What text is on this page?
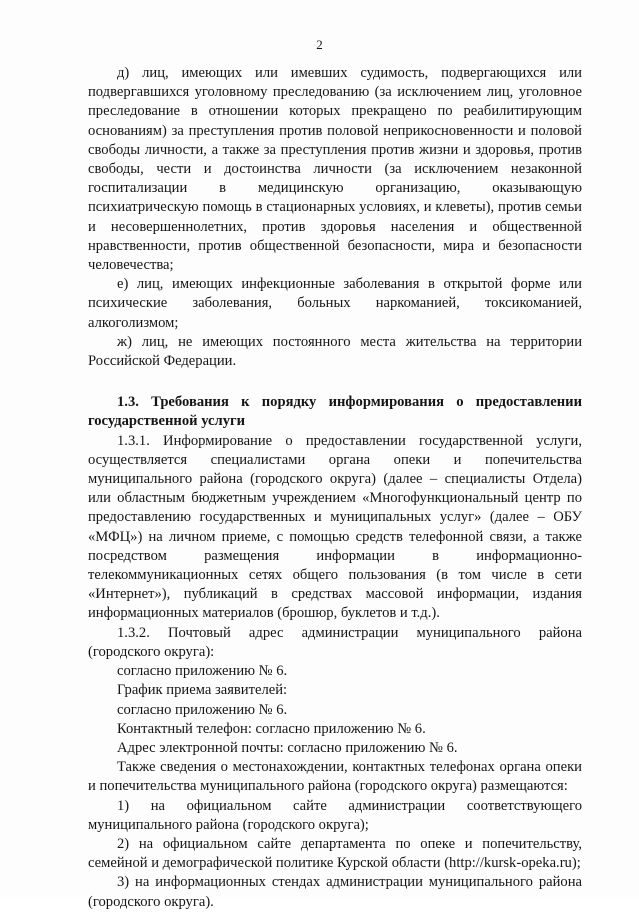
2

д) лиц, имеющих или имевших судимость, подвергающихся или подвергавшихся уголовному преследованию (за исключением лиц, уголовное преследование в отношении которых прекращено по реабилитирующим основаниям) за преступления против половой неприкосновенности и половой свободы личности, а также за преступления против жизни и здоровья, против свободы, чести и достоинства личности (за исключением незаконной госпитализации в медицинскую организацию, оказывающую психиатрическую помощь в стационарных условиях, и клеветы), против семьи и несовершеннолетних, против здоровья населения и общественной нравственности, против общественной безопасности, мира и безопасности человечества;

е) лиц, имеющих инфекционные заболевания в открытой форме или психические заболевания, больных наркоманией, токсикоманией, алкоголизмом;

ж) лиц, не имеющих постоянного места жительства на территории Российской Федерации.

1.3. Требования к порядку информирования о предоставлении государственной услуги

1.3.1. Информирование о предоставлении государственной услуги, осуществляется специалистами органа опеки и попечительства муниципального района (городского округа) (далее – специалисты Отдела) или областным бюджетным учреждением «Многофункциональный центр по предоставлению государственных и муниципальных услуг» (далее – ОБУ «МФЦ») на личном приеме, с помощью средств телефонной связи, а также посредством размещения информации в информационно-телекоммуникационных сетях общего пользования (в том числе в сети «Интернет»), публикаций в средствах массовой информации, издания информационных материалов (брошюр, буклетов и т.д.).

1.3.2. Почтовый адрес администрации муниципального района (городского округа):

согласно приложению № 6.

График приема заявителей:

согласно приложению № 6.

Контактный телефон: согласно приложению № 6.

Адрес электронной почты: согласно приложению № 6.

Также сведения о местонахождении, контактных телефонах органа опеки и попечительства муниципального района (городского округа) размещаются:

1) на официальном сайте администрации соответствующего муниципального района (городского округа);

2) на официальном сайте департамента по опеке и попечительству, семейной и демографической политике Курской области (http://kursk-opeka.ru);

3) на информационных стендах администрации муниципального района (городского округа).
